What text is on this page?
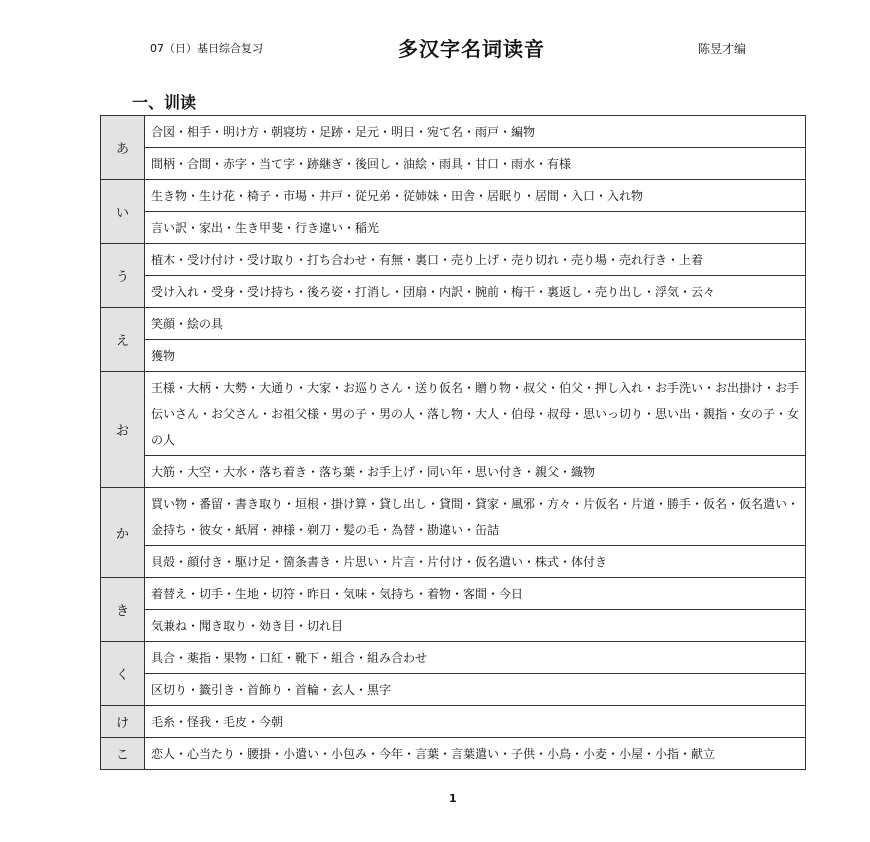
07（日）基日综合复习	多汉字名词读音	陈昱才编
一、训读
あ	合図・相手・明け方・朝寝坊・足跡・足元・明日・宛て名・雨戸・編物
	間柄・合間・赤字・当て字・跡継ぎ・後回し・油絵・雨具・甘口・雨水・有様
い	生き物・生け花・椅子・市場・井戸・従兄弟・従姉妹・田舎・居眠り・居間・入口・入れ物
	言い訳・家出・生き甲斐・行き違い・稲光
う	植木・受け付け・受け取り・打ち合わせ・有無・裏口・売り上げ・売り切れ・売り場・売れ行き・上着
	受け入れ・受身・受け持ち・後ろ姿・打消し・団扇・内訳・腕前・梅干・裏返し・売り出し・浮気・云々
え	笑顔・絵の具
	獲物
お	王様・大柄・大勢・大通り・大家・お巡りさん・送り仮名・贈り物・叔父・伯父・押し入れ・お手洗い・お出掛け・お手伝いさん・お父さん・お祖父様・男の子・男の人・落し物・大人・伯母・叔母・思いっ切り・思い出・親指・女の子・女の人
	大筋・大空・大水・落ち着き・落ち葉・お手上げ・同い年・思い付き・親父・織物
か	買い物・番留・書き取り・垣根・掛け算・貸し出し・貸間・貸家・風邪・方々・片仮名・片道・勝手・仮名・仮名遣い・金持ち・彼女・紙屑・神様・剃刀・髪の毛・為替・勘違い・缶詰
	貝殻・顔付き・駆け足・箇条書き・片思い・片言・片付け・仮名遣い・株式・体付き
き	着替え・切手・生地・切符・昨日・気味・気持ち・着物・客間・今日
	気兼ね・聞き取り・効き目・切れ目
く	具合・薬指・果物・口紅・靴下・組合・組み合わせ
	区切り・籤引き・首飾り・首輪・玄人・黒字
け	毛糸・怪我・毛皮・今朝
こ	恋人・心当たり・腰掛・小遣い・小包み・今年・言葉・言葉遣い・子供・小鳥・小麦・小屋・小指・献立
1
